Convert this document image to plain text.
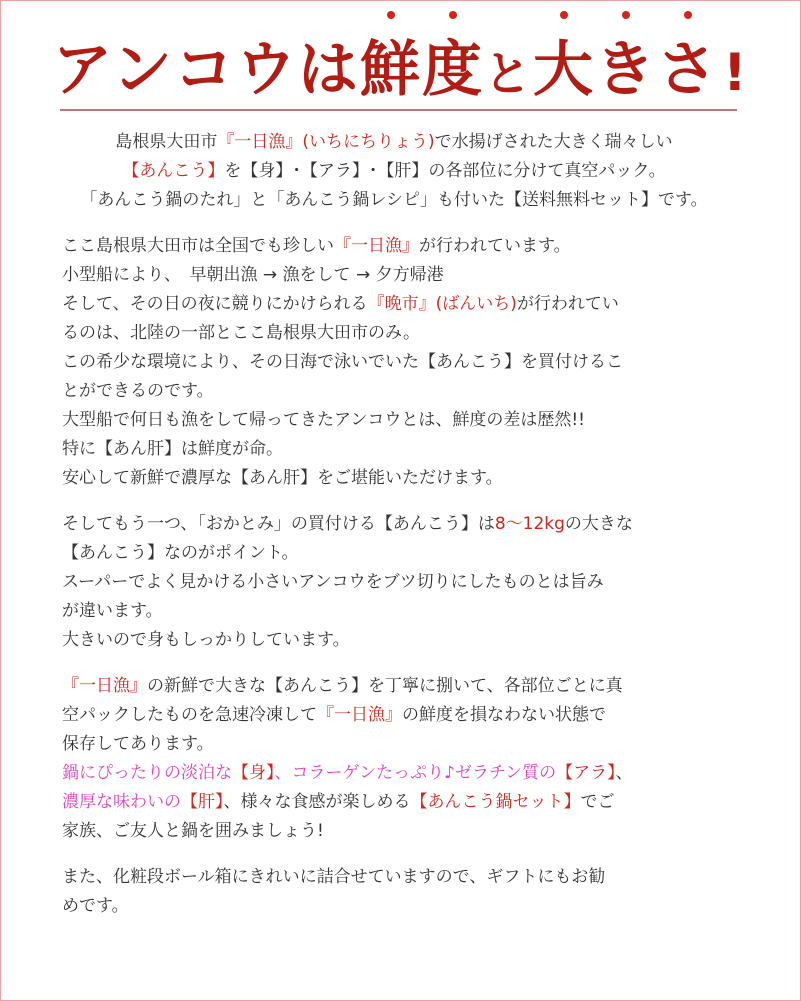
アンコウは
鮮
度と
大
き
さ!

島根県大田市『一日漁』(いちにちりょう)で水揚げされた大きく瑞々しい
【あんこう】を【身】･【アラ】･【肝】の各部位に分けて真空パック。
「あんこう鍋のたれ」と「あんこう鍋レシピ」も付いた【送料無料セット】です。

ここ島根県大田市は全国でも珍しい『一日漁』が行われています。
小型船により、　早朝出漁 → 漁をして → 夕方帰港
そして、その日の夜に競りにかけられる『晩市』(ばんいち)が行われてい
るのは、北陸の一部とここ島根県大田市のみ。
この希少な環境により、その日海で泳いでいた【あんこう】を買付けるこ
とができるのです。
大型船で何日も漁をして帰ってきたアンコウとは、鮮度の差は歴然!!
特に【あん肝】は鮮度が命。
安心して新鮮で濃厚な【あん肝】をご堪能いただけます。

そしてもう一つ、「おかとみ」の買付ける【あんこう】は8～12kgの大きな
【あんこう】なのがポイント。
スーパーでよく見かける小さいアンコウをブツ切りにしたものとは旨み
が違います。
大きいので身もしっかりしています。

『一日漁』の新鮮で大きな【あんこう】を丁寧に捌いて、各部位ごとに真
空パックしたものを急速冷凍して『一日漁』の鮮度を損なわない状態で
保存してあります。
鍋にぴったりの淡泊な【身】、コラーゲンたっぷり♪ゼラチン質の【アラ】、
濃厚な味わいの【肝】、様々な食感が楽しめる【あんこう鍋セット】でご
家族、ご友人と鍋を囲みましょう!

また、化粧段ボール箱にきれいに詰合せていますので、ギフトにもお勧
めです。
